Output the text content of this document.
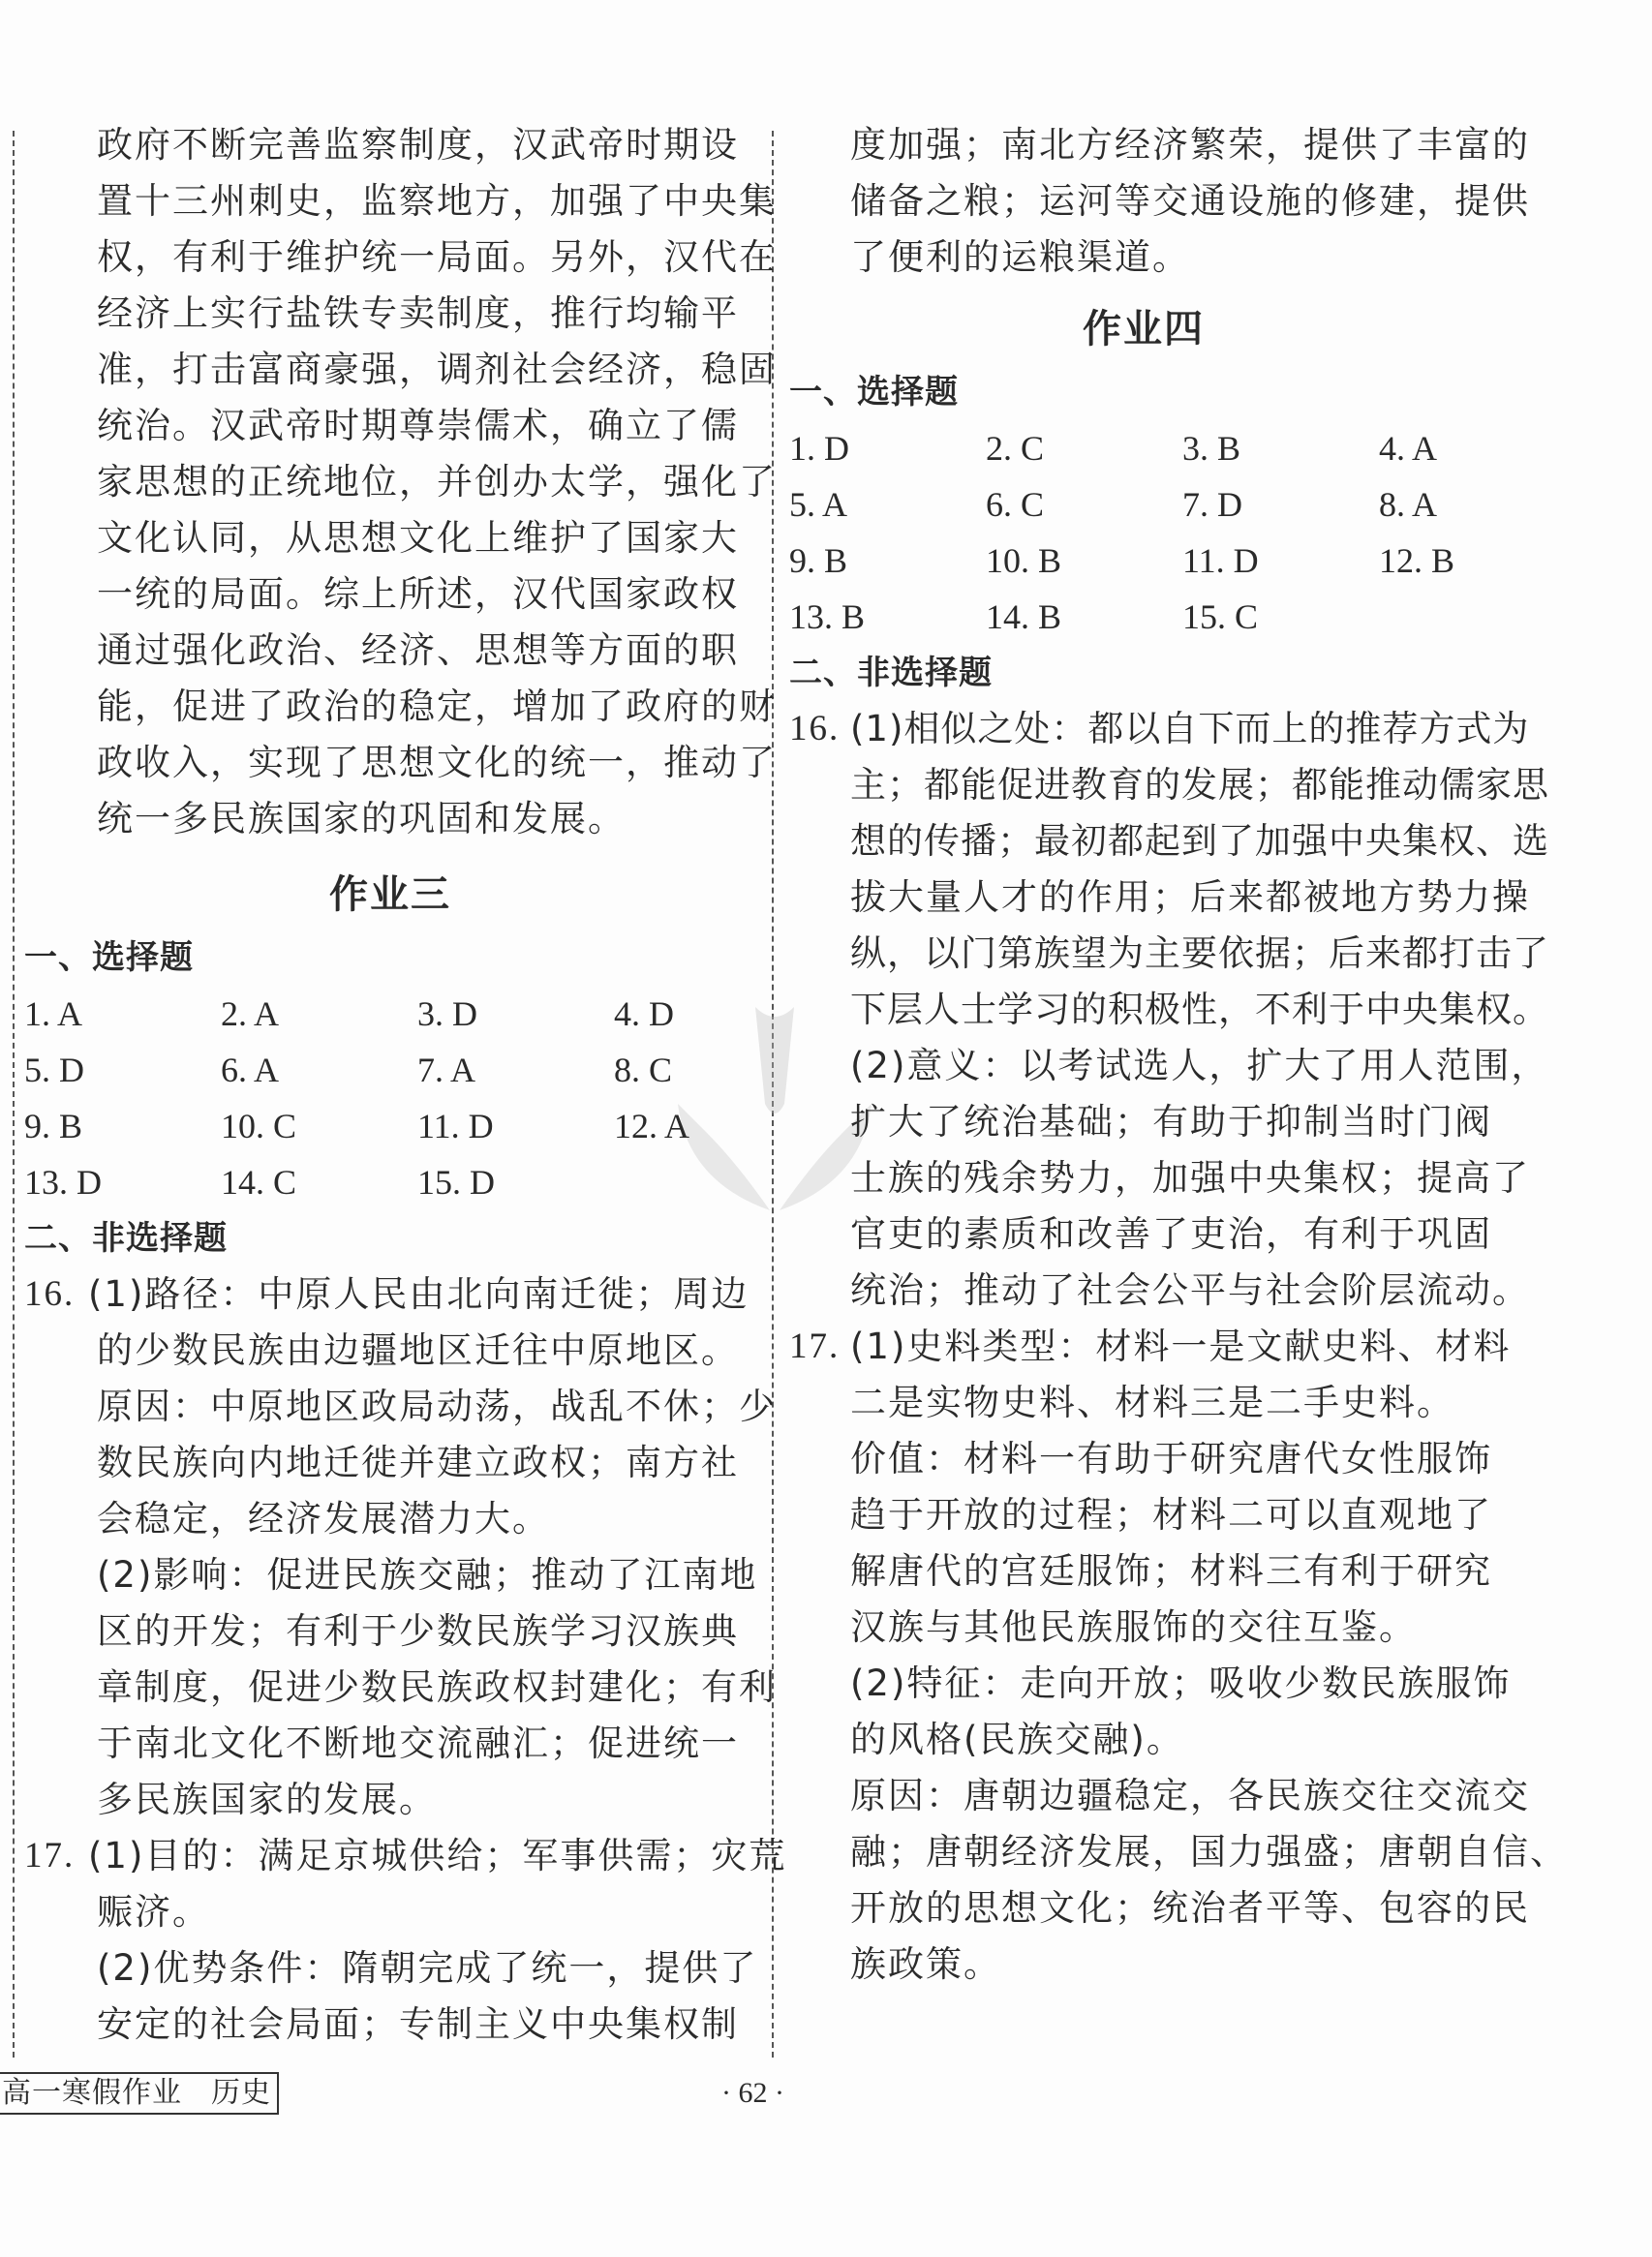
政府不断完善监察制度，汉武帝时期设
置十三州刺史，监察地方，加强了中央集
权，有利于维护统一局面。另外，汉代在
经济上实行盐铁专卖制度，推行均输平
准，打击富商豪强，调剂社会经济，稳固
统治。汉武帝时期尊崇儒术，确立了儒
家思想的正统地位，并创办太学，强化了
文化认同，从思想文化上维护了国家大
一统的局面。综上所述，汉代国家政权
通过强化政治、经济、思想等方面的职
能，促进了政治的稳定，增加了政府的财
政收入，实现了思想文化的统一，推动了
统一多民族国家的巩固和发展。
作业三
一、选择题
1. A	2. A	3. D	4. D
5. D	6. A	7. A	8. C
9. B	10. C	11. D	12. A
13. D	14. C	15. D
二、非选择题
16. (1)路径：中原人民由北向南迁徙；周边
的少数民族由边疆地区迁往中原地区。
原因：中原地区政局动荡，战乱不休；少
数民族向内地迁徙并建立政权；南方社
会稳定，经济发展潜力大。
(2)影响：促进民族交融；推动了江南地
区的开发；有利于少数民族学习汉族典
章制度，促进少数民族政权封建化；有利
于南北文化不断地交流融汇；促进统一
多民族国家的发展。
17. (1)目的：满足京城供给；军事供需；灾荒
赈济。
(2)优势条件：隋朝完成了统一，提供了
安定的社会局面；专制主义中央集权制
度加强；南北方经济繁荣，提供了丰富的
储备之粮；运河等交通设施的修建，提供
了便利的运粮渠道。
作业四
一、选择题
1. D	2. C	3. B	4. A
5. A	6. C	7. D	8. A
9. B	10. B	11. D	12. B
13. B	14. B	15. C
二、非选择题
16. (1)相似之处：都以自下而上的推荐方式为
主；都能促进教育的发展；都能推动儒家思
想的传播；最初都起到了加强中央集权、选
拔大量人才的作用；后来都被地方势力操
纵，以门第族望为主要依据；后来都打击了
下层人士学习的积极性，不利于中央集权。
(2)意义：以考试选人，扩大了用人范围，
扩大了统治基础；有助于抑制当时门阀
士族的残余势力，加强中央集权；提高了
官吏的素质和改善了吏治，有利于巩固
统治；推动了社会公平与社会阶层流动。
17. (1)史料类型：材料一是文献史料、材料
二是实物史料、材料三是二手史料。
价值：材料一有助于研究唐代女性服饰
趋于开放的过程；材料二可以直观地了
解唐代的宫廷服饰；材料三有利于研究
汉族与其他民族服饰的交往互鉴。
(2)特征：走向开放；吸收少数民族服饰
的风格(民族交融)。
原因：唐朝边疆稳定，各民族交往交流交
融；唐朝经济发展，国力强盛；唐朝自信、
开放的思想文化；统治者平等、包容的民
族政策。
高一寒假作业 历史	· 62 ·
